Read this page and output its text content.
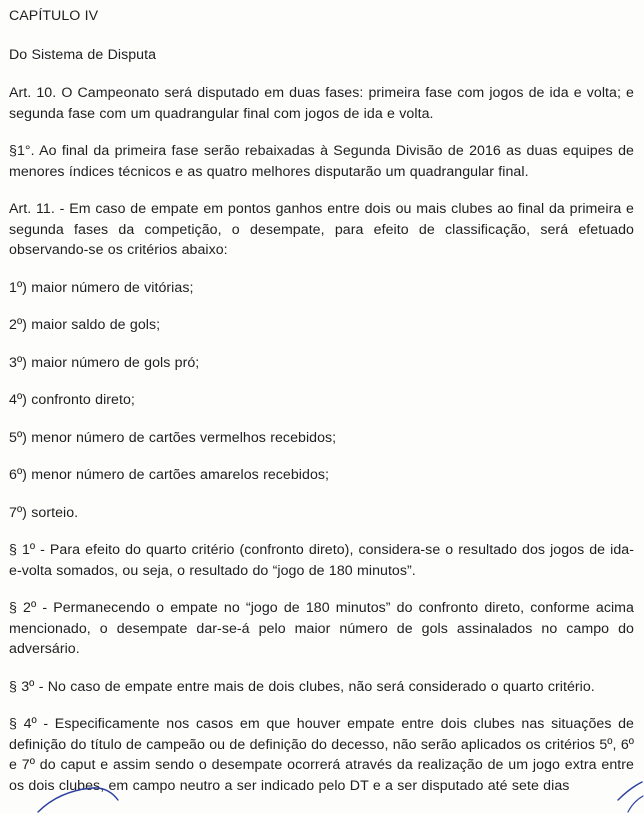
CAPÍTULO IV

Do Sistema de Disputa

Art. 10. O Campeonato será disputado em duas fases: primeira fase com jogos de ida e volta; e segunda fase com um quadrangular final com jogos de ida e volta.

§1°. Ao final da primeira fase serão rebaixadas à Segunda Divisão de 2016 as duas equipes de menores índices técnicos e as quatro melhores disputarão um quadrangular final.

Art. 11. - Em caso de empate em pontos ganhos entre dois ou mais clubes ao final da primeira e segunda fases da competição, o desempate, para efeito de classificação, será efetuado observando-se os critérios abaixo:

1º) maior número de vitórias;

2º) maior saldo de gols;

3º) maior número de gols pró;

4º) confronto direto;

5º) menor número de cartões vermelhos recebidos;

6º) menor número de cartões amarelos recebidos;

7º) sorteio.

§ 1º - Para efeito do quarto critério (confronto direto), considera-se o resultado dos jogos de ida-e-volta somados, ou seja, o resultado do “jogo de 180 minutos”.

§ 2º - Permanecendo o empate no “jogo de 180 minutos” do confronto direto, conforme acima mencionado, o desempate dar-se-á pelo maior número de gols assinalados no campo do adversário.

§ 3º - No caso de empate entre mais de dois clubes, não será considerado o quarto critério.

§ 4º - Especificamente nos casos em que houver empate entre dois clubes nas situações de definição do título de campeão ou de definição do decesso, não serão aplicados os critérios 5º, 6º e 7º do caput e assim sendo o desempate ocorrerá através da realização de um jogo extra entre os dois clubes, em campo neutro a ser indicado pelo DT e a ser disputado até sete dias
